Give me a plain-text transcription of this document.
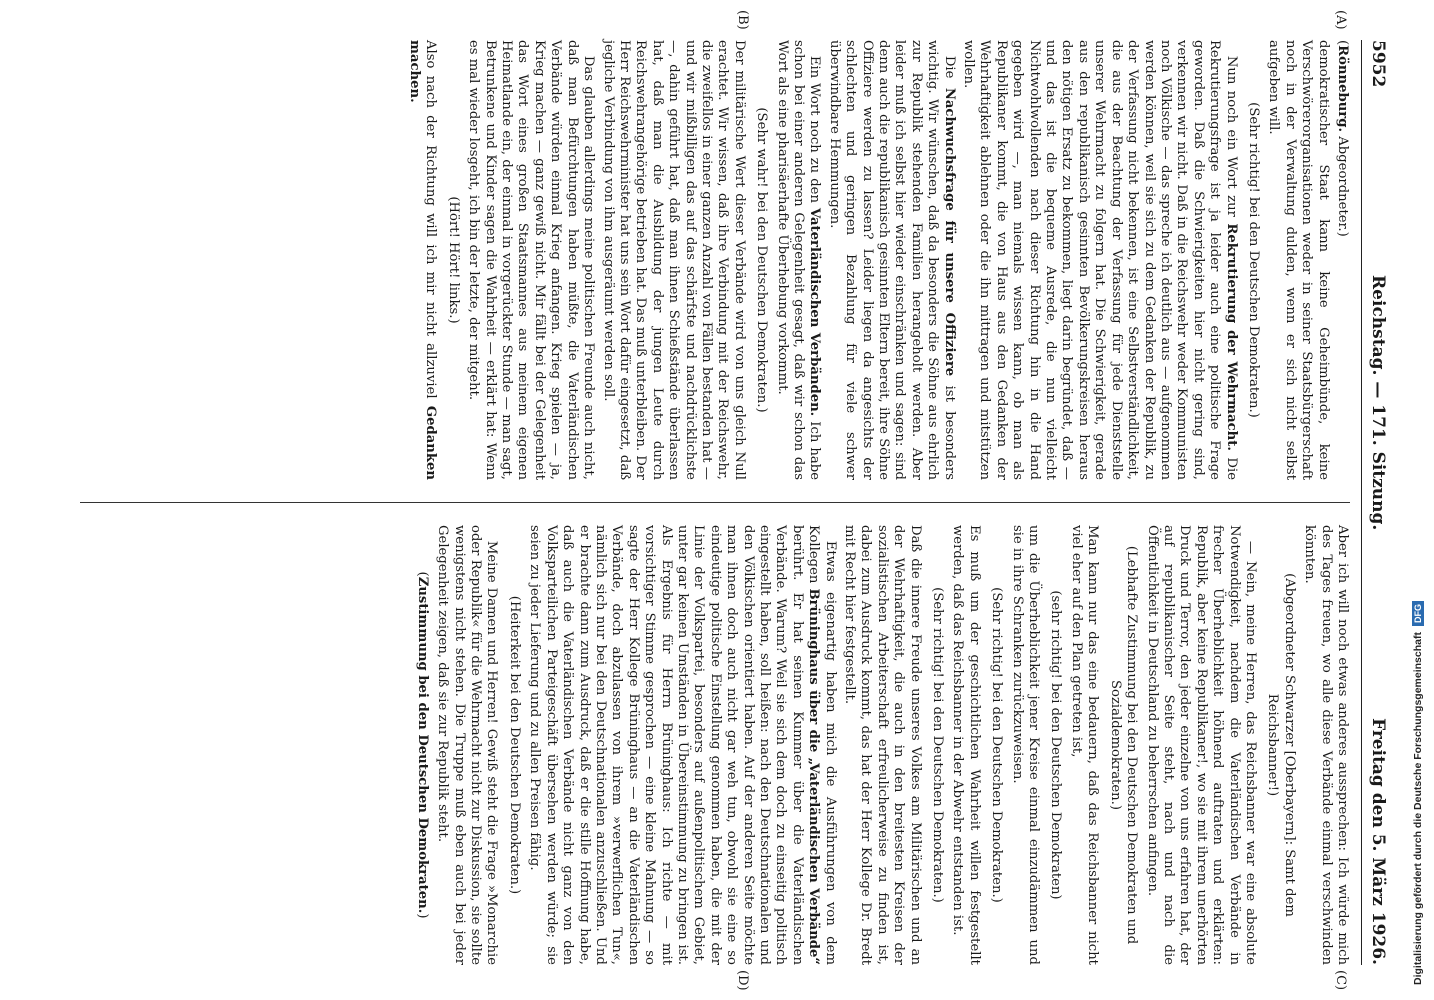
5952
Reichstag. — 171. Sitzung.
Freitag den 5. März 1926.

(Rönneburg. Abgeordneter.)

demokratischer Staat kann keine Geheimbünde, keine Verschwörerorganisationen weder in seiner Staatsbürgerschaft noch in der Verwaltung dulden, wenn er sich nicht selbst aufgeben will.

(Sehr richtig! bei den Deutschen Demokraten.)

Nun noch ein Wort zur Rekrutierung der Wehrmacht. Die Rekrutierungsfrage ist ja leider auch eine politische Frage geworden. Daß die Schwierigkeiten hier nicht gering sind, verkennen wir nicht. Daß in die Reichswehr weder Kommunisten noch Völkische — das spreche ich deutlich aus — aufgenommen werden können, weil sie sich zu dem Gedanken der Republik, zu der Verfassung nicht bekennen, ist eine Selbstverständlichkeit, die aus der Beachtung der Verfassung für jede Dienststelle unserer Wehrmacht zu folgern hat. Die Schwierigkeit, gerade aus den republikanisch gesinnten Bevölkerungskreisen heraus den nötigen Ersatz zu bekommen, liegt darin begründet, daß — und das ist die bequeme Ausrede, die nun vielleicht Nichtwohlwollenden nach dieser Richtung hin in die Hand gegeben wird —, man niemals wissen kann, ob man als Republikaner kommt, die von Haus aus den Gedanken der Wehrhaftigkeit ablehnen oder die ihn mittragen und mitstützen wollen.

Die Nachwuchsfrage für unsere Offiziere ist besonders wichtig. Wir wünschen, daß da besonders die Söhne aus ehrlich zur Republik stehenden Familien herangeholt werden. Aber leider muß ich selbst hier wieder einschränken und sagen: sind denn auch die republikanisch gesinnten Eltern bereit, ihre Söhne Offiziere werden zu lassen? Leider liegen da angesichts der schlechten und geringen Bezahlung für viele schwer überwindbare Hemmungen.

Ein Wort noch zu den Vaterländischen Verbänden. Ich habe schon bei einer anderen Gelegenheit gesagt, daß wir schon das Wort als eine pharisäerhafte Überhebung vorkommt.

(Sehr wahr! bei den Deutschen Demokraten.)

Der militärische Wert dieser Verbände wird von uns gleich Null erachtet. Wir wissen, daß ihre Verbindung mit der Reichswehr, die zweifellos in einer ganzen Anzahl von Fällen bestanden hat — und wir mißbilligen das auf das schärfste und nachdrücklichste —, dahin geführt hat, daß man ihnen Schießstände überlassen hat, daß man die Ausbildung der jungen Leute durch Reichswehrangehörige betrieben hat. Das muß unterbleiben. Der Herr Reichswehrminister hat uns sein Wort dafür eingesetzt, daß jegliche Verbindung von ihm ausgeräumt werden soll.

Das glauben allerdings meine politischen Freunde auch nicht, daß man Befürchtungen haben müßte, die Vaterländischen Verbände würden einmal Krieg anfangen. Krieg spielen — ja, Krieg machen — ganz gewiß nicht. Mir fällt bei der Gelegenheit das Wort eines großen Staatsmannes aus meinem eigenen Heimatlande ein, der einmal in vorgerückter Stunde — man sagt, Betrunkene und Kinder sagen die Wahrheit — erklärt hat: Wenn es mal wieder losgeht, ich bin der letzte, der mitgeht.

(Hört! Hört! links.)

Also nach der Richtung will ich mir nicht allzuviel Gedanken machen.

Aber ich will noch etwas anderes aussprechen: Ich würde mich des Tages freuen, wo alle diese Verbände einmal verschwinden könnten.

(Abgeordneter Schwarzer [Oberbayern]: Samt dem Reichsbanner!)

— Nein, meine Herren, das Reichsbanner war eine absolute Notwendigkeit, nachdem die Vaterländischen Verbände in frecher Überheblichkeit höhnend auftraten und erklärten: Republik, aber keine Republikaner!, wo sie mit ihrem unerhörten Druck und Terror, den jeder einzelne von uns erfahren hat, der auf republikanischer Seite steht, nach und nach die Öffentlichkeit in Deutschland zu beherrschen anfingen.

(Lebhafte Zustimmung bei den Deutschen Demokraten und Sozialdemokraten.)

Man kann nur das eine bedauern, daß das Reichsbanner nicht viel eher auf den Plan getreten ist,

(sehr richtig! bei den Deutschen Demokraten)

um die Überheblichkeit jener Kreise einmal einzudämmen und sie in ihre Schranken zurückzuweisen.

(Sehr richtig! bei den Deutschen Demokraten.)

Es muß um der geschichtlichen Wahrheit willen festgestellt werden, daß das Reichsbanner in der Abwehr entstanden ist.

(Sehr richtig! bei den Deutschen Demokraten.)

Daß die innere Freude unseres Volkes am Militärischen und an der Wehrhaftigkeit, die auch in den breitesten Kreisen der sozialistischen Arbeiterschaft erfreulicherweise zu finden ist, dabei zum Ausdruck kommt, das hat der Herr Kollege Dr. Bredt mit Recht hier festgestellt.

Etwas eigenartig haben mich die Ausführungen von dem Kollegen Brüninghaus über die „Vaterländischen Verbände“ berührt. Er hat seinen Kummer über die Vaterländischen Verbände. Warum? Weil sie sich dem doch zu einseitig politisch eingestellt haben, soll heißen: nach den Deutschnationalen und den Völkischen orientiert haben. Auf der anderen Seite möchte man ihnen doch auch nicht gar weh tun, obwohl sie eine so eindeutige politische Einstellung genommen haben, die mit der Linie der Volkspartei, besonders auf außenpolitischem Gebiet, unter gar keinen Umständen in Übereinstimmung zu bringen ist. Als Ergebnis für Herrn Brüninghaus: Ich richte — mit vorsichtiger Stimme gesprochen — eine kleine Mahnung — so sagte der Herr Kollege Brüninghaus — an die Vaterländischen Verbände, doch abzulassen von ihrem »verwerflichen Tun«, nämlich sich nur bei den Deutschnationalen anzuschließen. Und er brachte dann zum Ausdruck, daß er die stille Hoffnung habe, daß auch die Vaterländischen Verbände nicht ganz von den Volksparteilichen Parteigeschäft übersehen werden würde; sie seien zu jeder Lieferung und zu allen Preisen fähig.

(Heiterkeit bei den Deutschen Demokraten.)

Meine Damen und Herren! Gewiß steht die Frage »Monarchie oder Republik« für die Wehrmacht nicht zur Diskussion, sie sollte wenigstens nicht stehen. Die Truppe muß eben auch bei jeder Gelegenheit zeigen, daß sie zur Republik steht.

(Zustimmung bei den Deutschen Demokraten.)

(A)
(B)
(C)
(D)	Digitalisierung gefördert durch die Deutsche ForschungsgemeinschaftDFG
